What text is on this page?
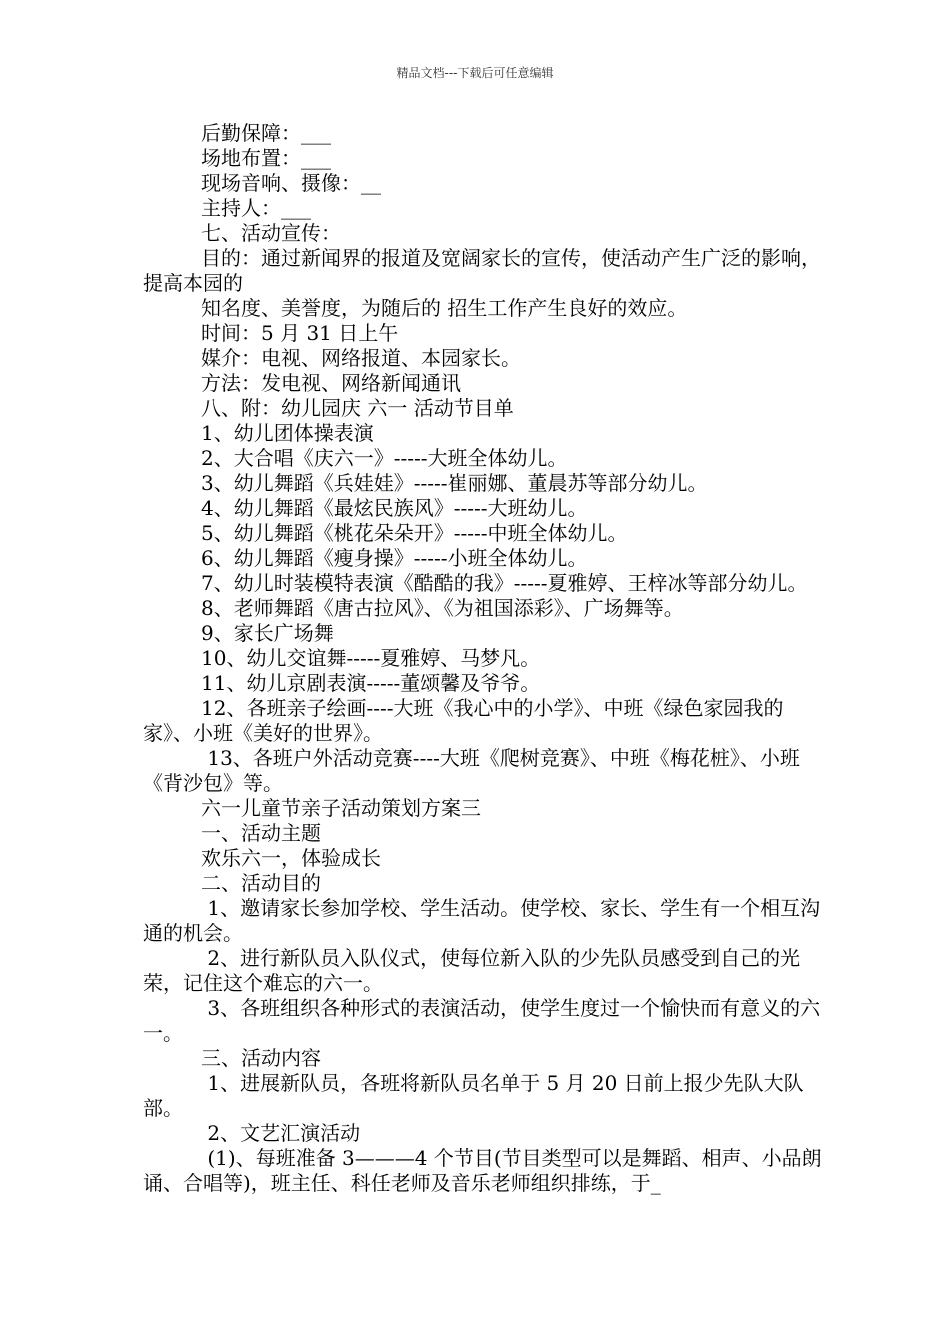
精品文档---下载后可任意编辑

后勤保障：___

场地布置：___

现场音响、摄像：__

主持人：___

七、活动宣传：

目的：通过新闻界的报道及宽阔家长的宣传，使活动产生广泛的影响，提高本园的

知名度、美誉度，为随后的 招生工作产生良好的效应。

时间：5 月 31 日上午

媒介：电视、网络报道、本园家长。

方法：发电视、网络新闻通讯

八、附：幼儿园庆 六一 活动节目单

1、幼儿团体操表演

2、大合唱《庆六一》-----大班全体幼儿。

3、幼儿舞蹈《兵娃娃》-----崔丽娜、董晨苏等部分幼儿。

4、幼儿舞蹈《最炫民族风》-----大班幼儿。

5、幼儿舞蹈《桃花朵朵开》-----中班全体幼儿。

6、幼儿舞蹈《瘦身操》-----小班全体幼儿。

7、幼儿时装模特表演《酷酷的我》-----夏雅婷、王梓冰等部分幼儿。

8、老师舞蹈《唐古拉风》、《为祖国添彩》、广场舞等。

9、家长广场舞

10、幼儿交谊舞-----夏雅婷、马梦凡。

11、幼儿京剧表演-----董颂馨及爷爷。

12、各班亲子绘画----大班《我心中的小学》、中班《绿色家园我的家》、小班《美好的世界》。

13、各班户外活动竞赛----大班《爬树竞赛》、中班《梅花桩》、小班《背沙包》等。

六一儿童节亲子活动策划方案三

一、活动主题

欢乐六一，体验成长

二、活动目的

1、邀请家长参加学校、学生活动。使学校、家长、学生有一个相互沟通的机会。

2、进行新队员入队仪式，使每位新入队的少先队员感受到自己的光荣，记住这个难忘的六一。

3、各班组织各种形式的表演活动，使学生度过一个愉快而有意义的六一。

三、活动内容

1、进展新队员，各班将新队员名单于 5 月 20 日前上报少先队大队部。

2、文艺汇演活动

(1)、每班准备 3———4 个节目(节目类型可以是舞蹈、相声、小品朗诵、合唱等)，班主任、科任老师及音乐老师组织排练，于_
